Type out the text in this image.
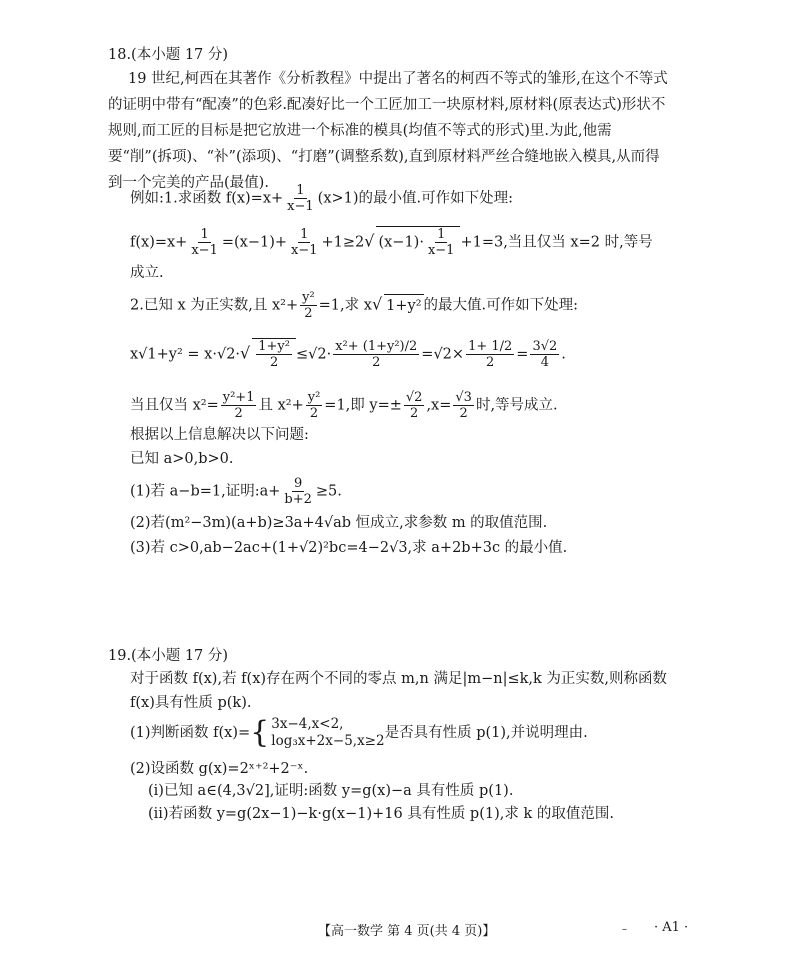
18.(本小题 17 分)
19 世纪,柯西在其著作《分析教程》中提出了著名的柯西不等式的雏形,在这个不等式的证明中带有“配凑”的色彩.配凑好比一个工匠加工一块原材料,原材料(原表达式)形状不规则,而工匠的目标是把它放进一个标准的模具(均值不等式的形式)里.为此,他需要“削”(拆项)、“补”(添项)、“打磨”(调整系数),直到原材料严丝合缝地嵌入模具,从而得到一个完美的产品(最值).
例如:1.求函数 $f(x)=x+ \frac{1}{x-1} (x>1)$的最小值.可作如下处理:
$f(x)=x+ \frac{1}{x-1} =(x-1)+ \frac{1}{x-1} +1\ge 2√$ $(x-1)\cdot \frac{1}{x-1} +1=3$,当且仅当 x=2 时,等号
成立.
2.已知 x 为正实数,且 $x^2+ \frac{\text{y²}}{2} =1$,求 x√ 1+y² 的最大值.可作如下处理:
$x√1+y^2 = x\cdot√2\cdot√ \frac{\text{1+y²}}{2} \le√2\cdot \frac{\text{x²+ (1+y²)/2}}{2} =√2\times \frac{1+ 1/2}{2} = \frac{3√2}{4}$ .
当且仅当 $x^2= \frac{\text{y²+1}}{2}$ 且 $x^2+ \frac{\text{y²}}{2} =1$,即 $y=\pm \frac{√2}{2} ,x= \frac{√3}{2}$ 时,等号成立.
根据以上信息解决以下问题:
已知 a>0,b>0.
(1)若 a−b=1,证明:a+ $\frac{9}{b+2} \ge 5$.
(2)若(m²−3m)(a+b)≥3a+4√ab 恒成立,求参数 m 的取值范围.
(3)若 c>0,ab−2ac+(1+√2)²bc=4−2√3,求 a+2b+3c 的最小值.
19.(本小题 17 分)
对于函数 f(x),若 f(x)存在两个不同的零点 m,n 满足|m−n|≤k,k 为正实数,则称函数
f(x)具有性质 p(k).
(1)判断函数 f(x)= { 3x−4,x<2,
log₃x+2x−5,x≥2 是否具有性质 p(1),并说明理由.
(2)设函数 g(x)=2ˣ⁺²+2⁻ˣ.
(ⅰ)已知 a∈(4,3√2],证明:函数 y=g(x)−a 具有性质 p(1).
(ⅱ)若函数 y=g(2x−1)−k·g(x−1)+16 具有性质 p(1),求 k 的取值范围.
【高一数学 第 4 页(共 4 页)】	– · A1 ·
